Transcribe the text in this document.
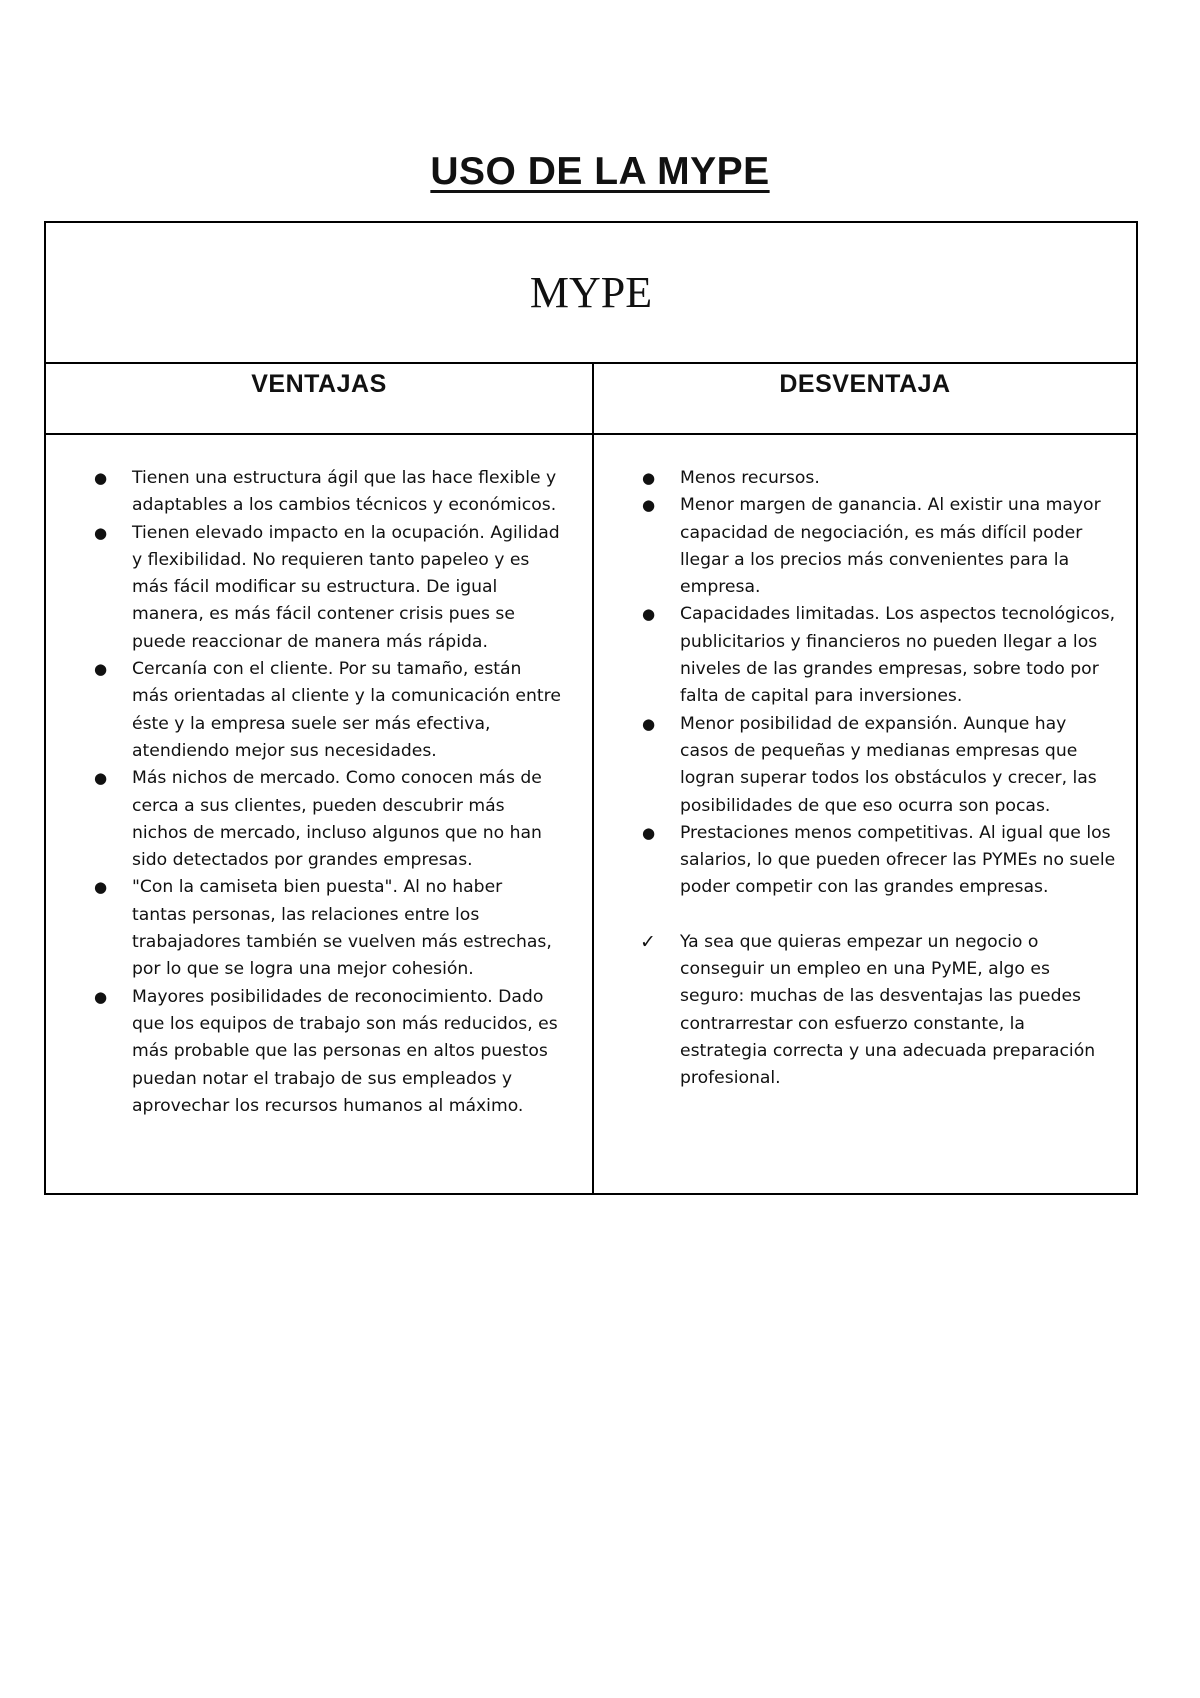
USO DE LA MYPE
MYPE
VENTAJAS	DESVENTAJA
● Tienen una estructura ágil que las hace flexible y adaptables a los cambios técnicos y económicos.
● Tienen elevado impacto en la ocupación. Agilidad y flexibilidad. No requieren tanto papeleo y es más fácil modificar su estructura. De igual manera, es más fácil contener crisis pues se puede reaccionar de manera más rápida.
● Cercanía con el cliente. Por su tamaño, están más orientadas al cliente y la comunicación entre éste y la empresa suele ser más efectiva, atendiendo mejor sus necesidades.
● Más nichos de mercado. Como conocen más de cerca a sus clientes, pueden descubrir más nichos de mercado, incluso algunos que no han sido detectados por grandes empresas.
● "Con la camiseta bien puesta". Al no haber tantas personas, las relaciones entre los trabajadores también se vuelven más estrechas, por lo que se logra una mejor cohesión.
● Mayores posibilidades de reconocimiento. Dado que los equipos de trabajo son más reducidos, es más probable que las personas en altos puestos puedan notar el trabajo de sus empleados y aprovechar los recursos humanos al máximo.
● Menos recursos.
● Menor margen de ganancia. Al existir una mayor capacidad de negociación, es más difícil poder llegar a los precios más convenientes para la empresa.
● Capacidades limitadas. Los aspectos tecnológicos, publicitarios y financieros no pueden llegar a los niveles de las grandes empresas, sobre todo por falta de capital para inversiones.
● Menor posibilidad de expansión. Aunque hay casos de pequeñas y medianas empresas que logran superar todos los obstáculos y crecer, las posibilidades de que eso ocurra son pocas.
● Prestaciones menos competitivas. Al igual que los salarios, lo que pueden ofrecer las PYMEs no suele poder competir con las grandes empresas.
✓ Ya sea que quieras empezar un negocio o conseguir un empleo en una PyME, algo es seguro: muchas de las desventajas las puedes contrarrestar con esfuerzo constante, la estrategia correcta y una adecuada preparación profesional.
